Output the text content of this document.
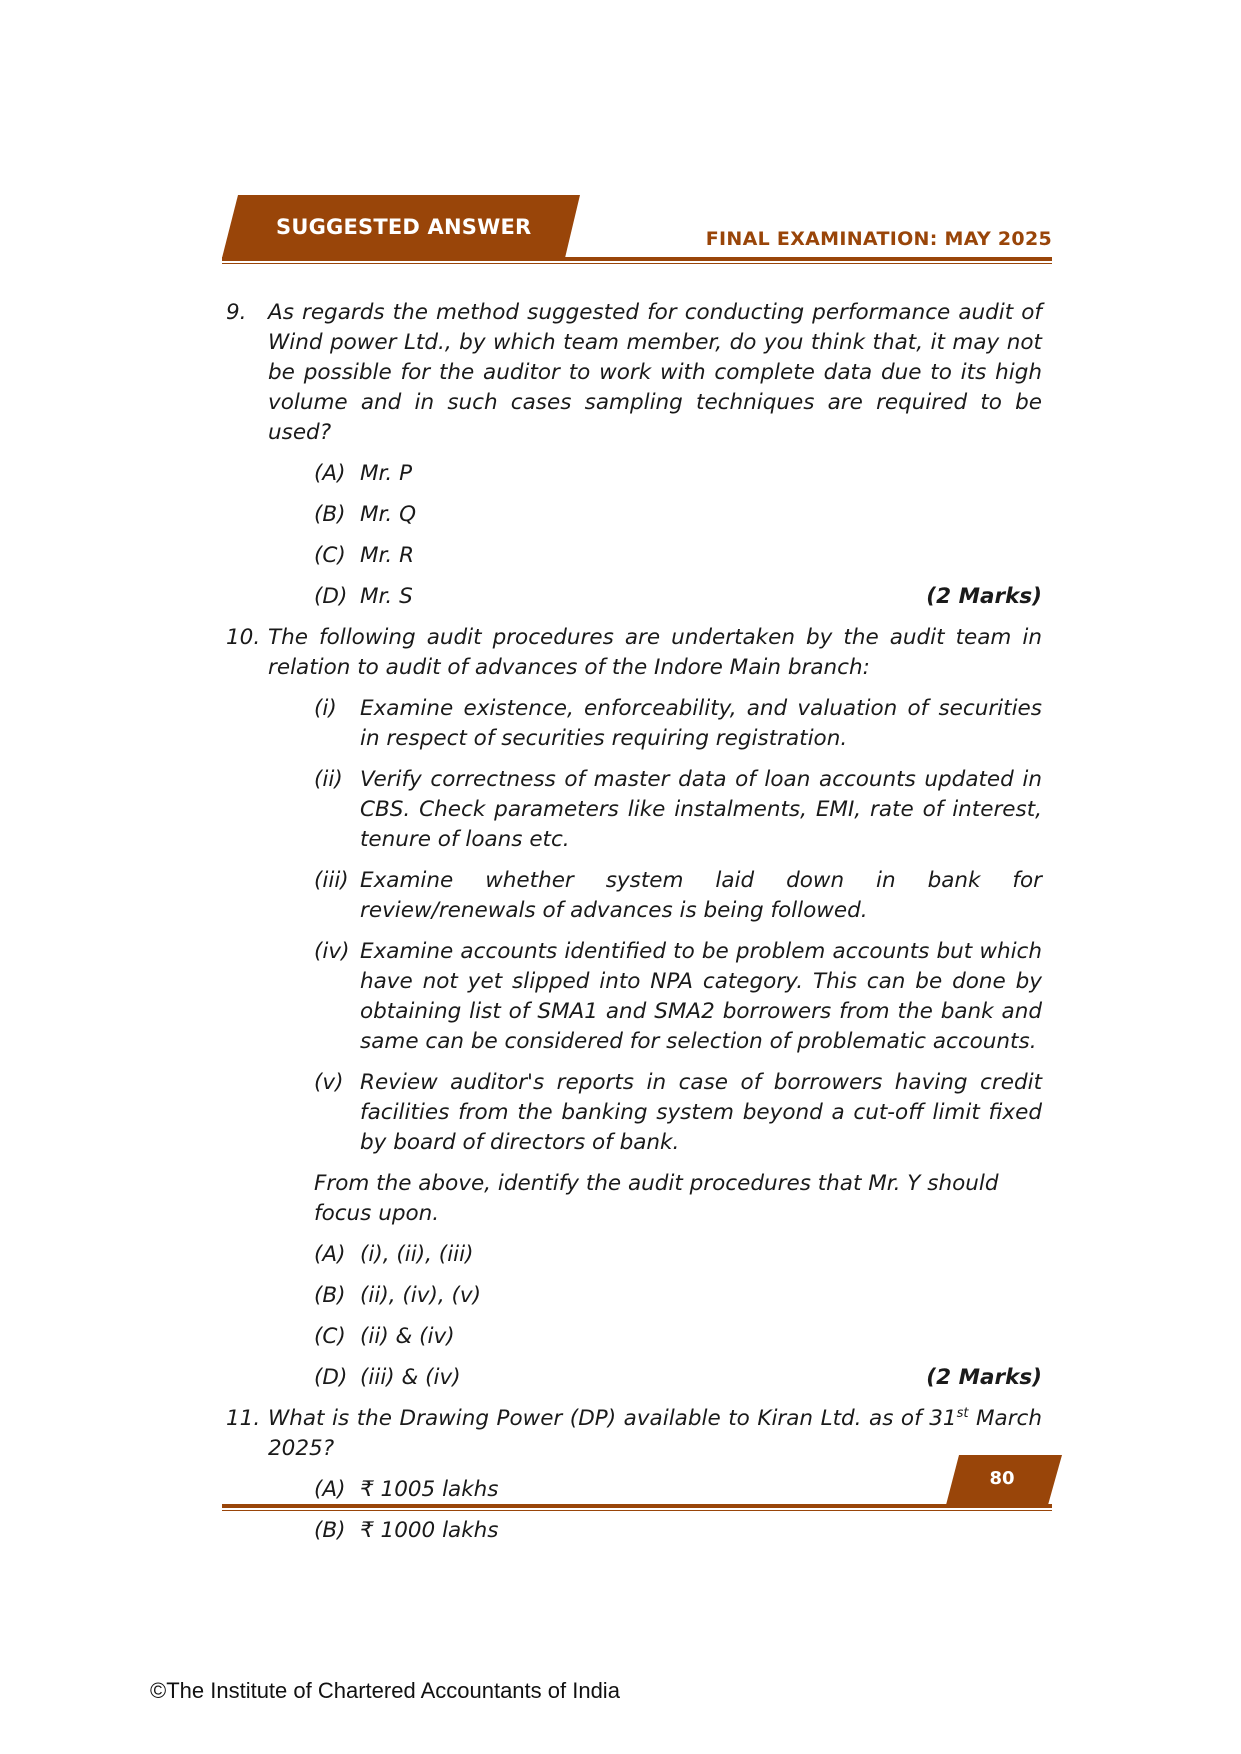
SUGGESTED ANSWER	FINAL EXAMINATION: MAY 2025
9. As regards the method suggested for conducting performance audit of Wind power Ltd., by which team member, do you think that, it may not be possible for the auditor to work with complete data due to its high volume and in such cases sampling techniques are required to be used?
(A) Mr. P
(B) Mr. Q
(C) Mr. R
(D) Mr. S	(2 Marks)
10. The following audit procedures are undertaken by the audit team in relation to audit of advances of the Indore Main branch:
(i) Examine existence, enforceability, and valuation of securities in respect of securities requiring registration.
(ii) Verify correctness of master data of loan accounts updated in CBS. Check parameters like instalments, EMI, rate of interest, tenure of loans etc.
(iii) Examine whether system laid down in bank for review/renewals of advances is being followed.
(iv) Examine accounts identified to be problem accounts but which have not yet slipped into NPA category. This can be done by obtaining list of SMA1 and SMA2 borrowers from the bank and same can be considered for selection of problematic accounts.
(v) Review auditor's reports in case of borrowers having credit facilities from the banking system beyond a cut-off limit fixed by board of directors of bank.
From the above, identify the audit procedures that Mr. Y should focus upon.
(A) (i), (ii), (iii)
(B) (ii), (iv), (v)
(C) (ii) & (iv)
(D) (iii) & (iv)	(2 Marks)
11. What is the Drawing Power (DP) available to Kiran Ltd. as of 31st March 2025?
(A) ₹ 1005 lakhs
(B) ₹ 1000 lakhs
80
©The Institute of Chartered Accountants of India
